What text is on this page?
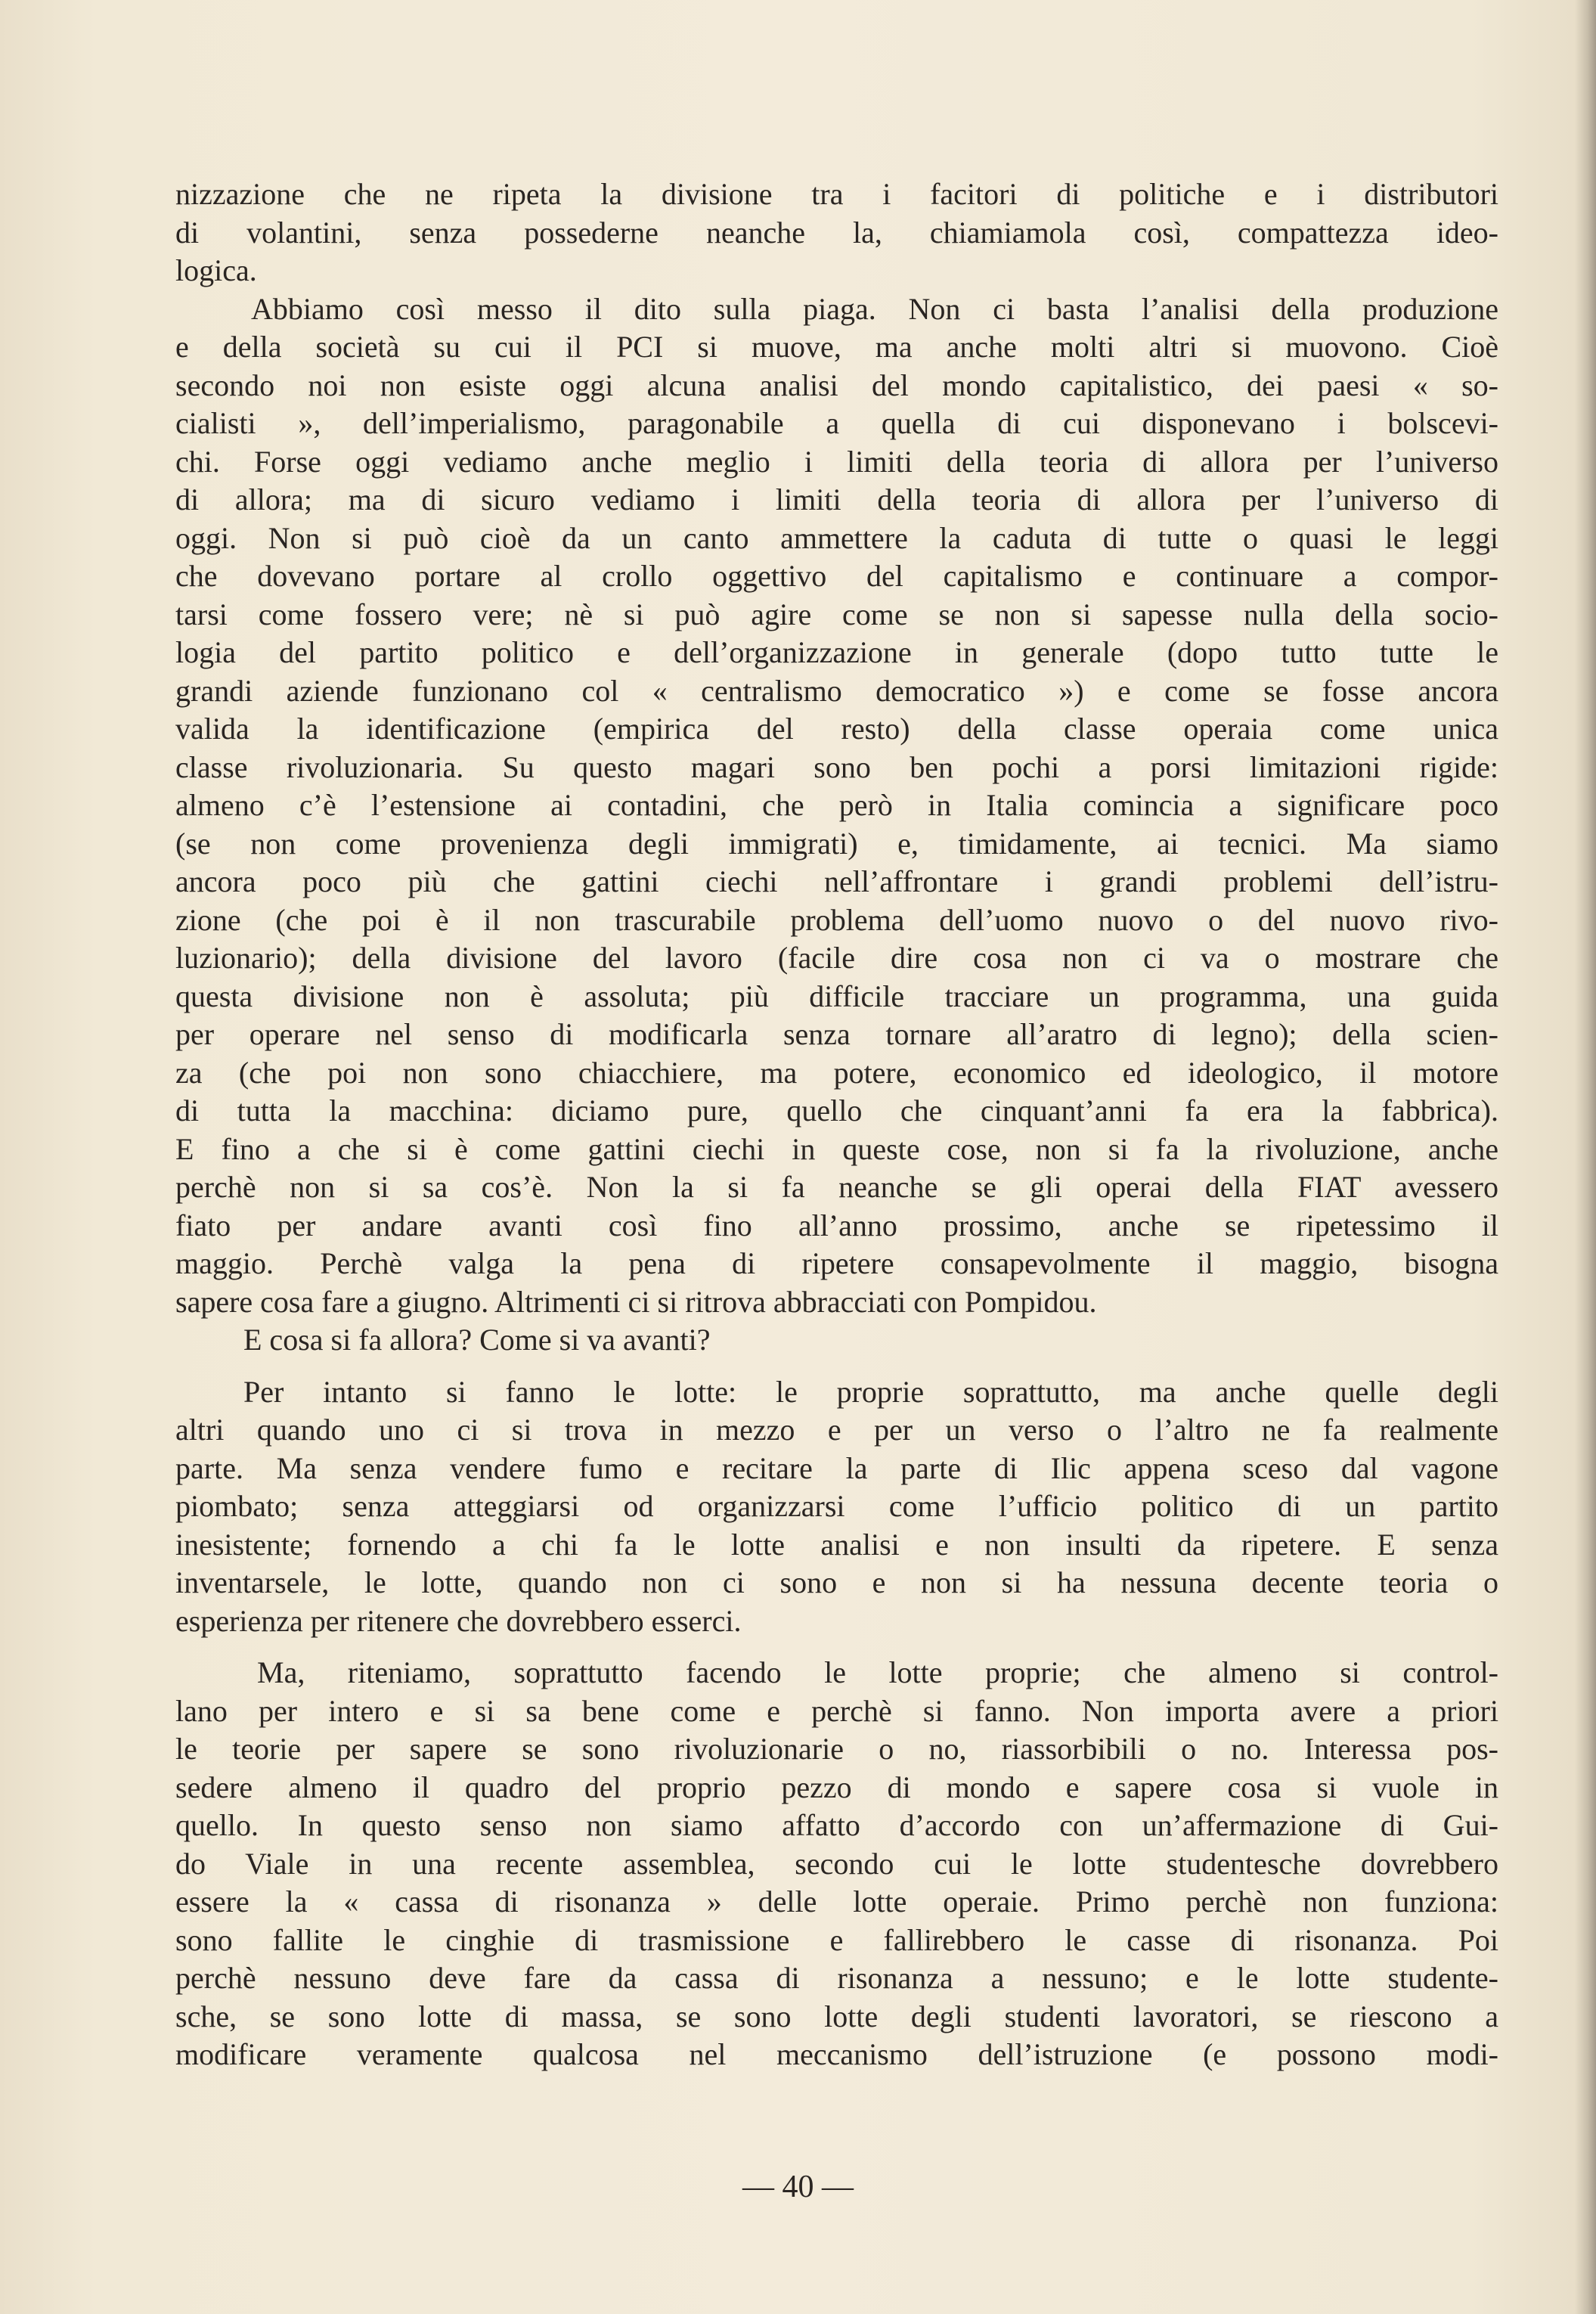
nizzazione che ne ripeta la divisione tra i facitori di politiche e i distributori
di volantini, senza possederne neanche la, chiamiamola così, compattezza ideo-
logica.
Abbiamo così messo il dito sulla piaga. Non ci basta l’analisi della produzione
e della società su cui il PCI si muove, ma anche molti altri si muovono. Cioè
secondo noi non esiste oggi alcuna analisi del mondo capitalistico, dei paesi « so-
cialisti », dell’imperialismo, paragonabile a quella di cui disponevano i bolscevi-
chi. Forse oggi vediamo anche meglio i limiti della teoria di allora per l’universo
di allora; ma di sicuro vediamo i limiti della teoria di allora per l’universo di
oggi. Non si può cioè da un canto ammettere la caduta di tutte o quasi le leggi
che dovevano portare al crollo oggettivo del capitalismo e continuare a compor-
tarsi come fossero vere; nè si può agire come se non si sapesse nulla della socio-
logia del partito politico e dell’organizzazione in generale (dopo tutto tutte le
grandi aziende funzionano col « centralismo democratico ») e come se fosse ancora
valida la identificazione (empirica del resto) della classe operaia come unica
classe rivoluzionaria. Su questo magari sono ben pochi a porsi limitazioni rigide:
almeno c’è l’estensione ai contadini, che però in Italia comincia a significare poco
(se non come provenienza degli immigrati) e, timidamente, ai tecnici. Ma siamo
ancora poco più che gattini ciechi nell’affrontare i grandi problemi dell’istru-
zione (che poi è il non trascurabile problema dell’uomo nuovo o del nuovo rivo-
luzionario); della divisione del lavoro (facile dire cosa non ci va o mostrare che
questa divisione non è assoluta; più difficile tracciare un programma, una guida
per operare nel senso di modificarla senza tornare all’aratro di legno); della scien-
za (che poi non sono chiacchiere, ma potere, economico ed ideologico, il motore
di tutta la macchina: diciamo pure, quello che cinquant’anni fa era la fabbrica).
E fino a che si è come gattini ciechi in queste cose, non si fa la rivoluzione, anche
perchè non si sa cos’è. Non la si fa neanche se gli operai della FIAT avessero
fiato per andare avanti così fino all’anno prossimo, anche se ripetessimo il
maggio. Perchè valga la pena di ripetere consapevolmente il maggio, bisogna
sapere cosa fare a giugno. Altrimenti ci si ritrova abbracciati con Pompidou.
E cosa si fa allora? Come si va avanti?
Per intanto si fanno le lotte: le proprie soprattutto, ma anche quelle degli
altri quando uno ci si trova in mezzo e per un verso o l’altro ne fa realmente
parte. Ma senza vendere fumo e recitare la parte di Ilic appena sceso dal vagone
piombato; senza atteggiarsi od organizzarsi come l’ufficio politico di un partito
inesistente; fornendo a chi fa le lotte analisi e non insulti da ripetere. E senza
inventarsele, le lotte, quando non ci sono e non si ha nessuna decente teoria o
esperienza per ritenere che dovrebbero esserci.
Ma, riteniamo, soprattutto facendo le lotte proprie; che almeno si control-
lano per intero e si sa bene come e perchè si fanno. Non importa avere a priori
le teorie per sapere se sono rivoluzionarie o no, riassorbibili o no. Interessa pos-
sedere almeno il quadro del proprio pezzo di mondo e sapere cosa si vuole in
quello. In questo senso non siamo affatto d’accordo con un’affermazione di Gui-
do Viale in una recente assemblea, secondo cui le lotte studentesche dovrebbero
essere la « cassa di risonanza » delle lotte operaie. Primo perchè non funziona:
sono fallite le cinghie di trasmissione e fallirebbero le casse di risonanza. Poi
perchè nessuno deve fare da cassa di risonanza a nessuno; e le lotte studente-
sche, se sono lotte di massa, se sono lotte degli studenti lavoratori, se riescono a
modificare veramente qualcosa nel meccanismo dell’istruzione (e possono modi-
— 40 —
